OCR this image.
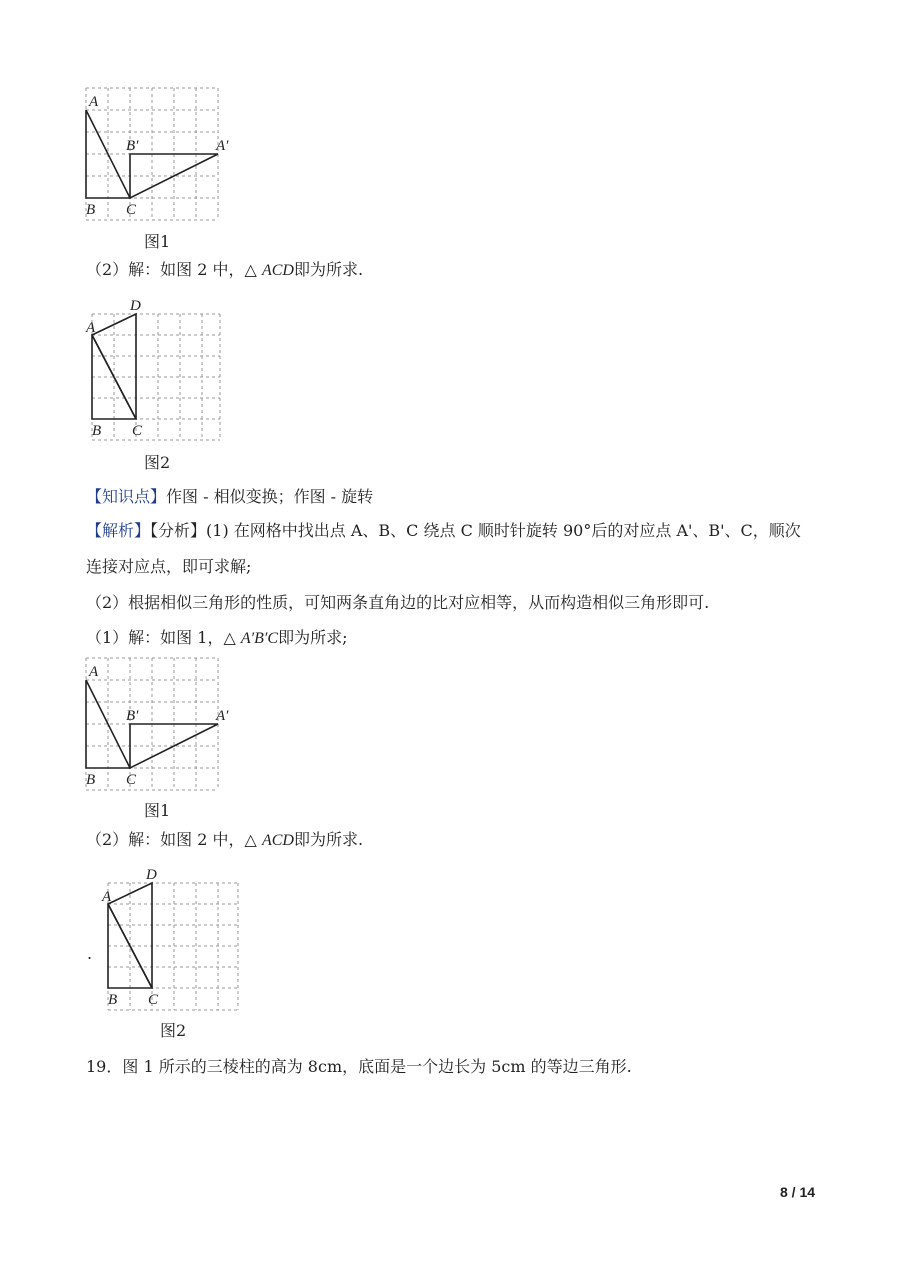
A
B C
B′	A′
图1
（2）解：如图 2 中，△ ACD即为所求.
D
A
B C
图2
【知识点】作图 - 相似变换；作图 - 旋转
【解析】【分析】(1) 在网格中找出点 A、B、C 绕点 C 顺时针旋转 90°后的对应点 A'、B'、C，顺次
连接对应点，即可求解;
（2）根据相似三角形的性质，可知两条直角边的比对应相等，从而构造相似三角形即可.
（1）解：如图 1，△ A′B′C即为所求;
A
B C
B′	A′
图1
（2）解：如图 2 中，△ ACD即为所求.
.
D
A
B C
图2
19．图 1 所示的三棱柱的高为 8cm，底面是一个边长为 5cm 的等边三角形.
8 / 14
